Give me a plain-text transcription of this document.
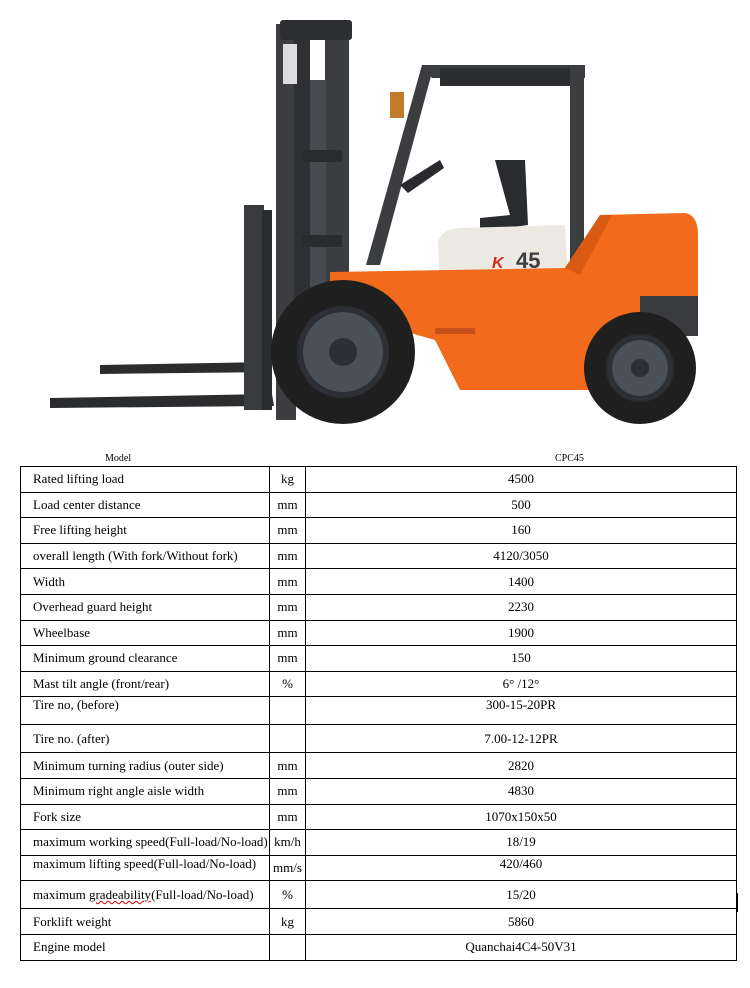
K 45
Model	CPC45
Rated lifting load	kg	4500
Load center distance	mm	500
Free lifting height	mm	160
overall length (With fork/Without fork)	mm	4120/3050
Width	mm	1400
Overhead guard height	mm	2230
Wheelbase	mm	1900
Minimum ground clearance	mm	150
Mast tilt angle (front/rear)	%	6° /12°
Tire no, (before)		300-15-20PR
Tire no. (after)		7.00-12-12PR
Minimum turning radius (outer side)	mm	2820
Minimum right angle aisle width	mm	4830
Fork size	mm	1070x150x50
maximum working speed(Full-load/No-load)	km/h	18/19
maximum lifting speed(Full-load/No-load)	mm/s	420/460
maximum gradeability(Full-load/No-load)	%	15/20
Forklift weight	kg	5860
Engine model		Quanchai4C4-50V31
